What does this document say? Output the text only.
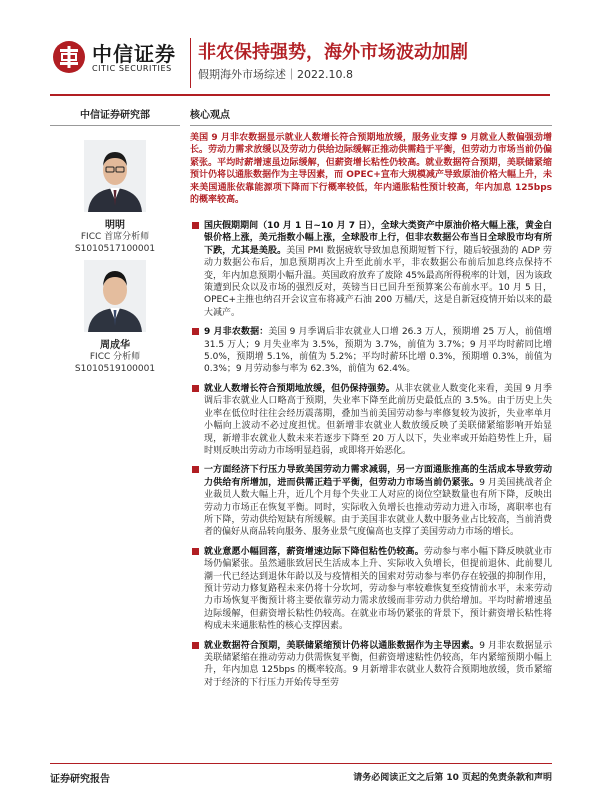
中信证券
CITIC SECURITIES
非农保持强势，海外市场波动加剧
假期海外市场综述｜2022.10.8
中信证券研究部
明明
FICC 首席分析师
S1010517100001
周成华
FICC 分析师
S1010519100001
核心观点
美国 9 月非农数据显示就业人数增长符合预期地放缓，服务业支撑 9 月就业人数偏强劲增长。劳动力需求放缓以及劳动力供给边际缓解正推动供需趋于平衡，但劳动力市场当前仍偏紧张。平均时薪增速虽边际缓解，但薪资增长粘性仍较高。就业数据符合预期，美联储紧缩预计仍将以通胀数据作为主导因素，而 OPEC+宣布大规模减产导致原油价格大幅上升，未来美国通胀依靠能源项下降而下行概率较低，年内通胀粘性预计较高，年内加息 125bps 的概率较高。
国庆假期期间（10 月 1 日~10 月 7 日），全球大类资产中原油价格大幅上涨，黄金白银价格上涨，美元指数小幅上涨，全球股市上行，但非农数据公布当日全球股市均有所下跌，尤其是美股。美国 PMI 数据疲软导致加息预期短暂下行，随后较强劲的 ADP 劳动力数据公布后，加息预期再次上升至此前水平，非农数据公布前后加息终点保持不变，年内加息预期小幅升温。英国政府放弃了废除 45%最高所得税率的计划，因为该政策遭到民众以及市场的强烈反对，英镑当日已回升至预算案公布前水平。10 月 5 日，OPEC+主推也纳召开会议宣布将减产石油 200 万桶/天，这是自新冠疫情开始以来的最大减产。
9 月非农数据：美国 9 月季调后非农就业人口增 26.3 万人，预期增 25 万人，前值增 31.5 万人；9 月失业率为 3.5%，预期为 3.7%，前值为 3.7%；9 月平均时薪同比增 5.0%，预期增 5.1%，前值为 5.2%；平均时薪环比增 0.3%，预期增 0.3%，前值为 0.3%；9 月劳动参与率为 62.3%，前值为 62.4%。
就业人数增长符合预期地放缓，但仍保持强势。从非农就业人数变化来看，美国 9 月季调后非农就业人口略高于预期，失业率下降至此前历史最低点的 3.5%。由于历史上失业率在低位时往往会经历震荡期，叠加当前美国劳动参与率修复较为波折，失业率单月小幅向上波动不必过度担忧。但新增非农就业人数放缓反映了美联储紧缩影响开始显现，新增非农就业人数未来若逐步下降至 20 万人以下，失业率或开始趋势性上升，届时则反映出劳动力市场明显趋弱，或即将开始恶化。
一方面经济下行压力导致美国劳动力需求减弱，另一方面通胀推高的生活成本导致劳动力供给有所增加，进而供需正趋于平衡，但劳动力市场当前仍紧张。9 月美国挑战者企业裁员人数大幅上升，近几个月每个失业工人对应的岗位空缺数量也有所下降，反映出劳动力市场正在恢复平衡。同时，实际收入负增长也推动劳动力进入市场，离职率也有所下降，劳动供给短缺有所缓解。由于美国非农就业人数中服务业占比较高，当前消费者的偏好从商品转向服务、服务业景气度偏高也支撑了美国劳动力市场的增长。
就业意愿小幅回落，薪资增速边际下降但粘性仍较高。劳动参与率小幅下降反映就业市场仍偏紧张。虽然通胀致居民生活成本上升、实际收入负增长，但提前退休、此前婴儿潮一代已经达到退休年龄以及与疫情相关的国索对劳动参与率仍存在较强的抑制作用，预计劳动力修复路程未来仍将十分坎坷，劳动参与率较难恢复至疫情前水平，未来劳动力市场恢复平衡预计将主要依靠劳动力需求放缓而非劳动力供给增加。平均时薪增速虽边际缓解，但薪资增长粘性仍较高。在就业市场仍紧张的背景下，预计薪资增长粘性将构成未来通胀粘性的核心支撑因素。
就业数据符合预期，美联储紧缩预计仍将以通胀数据作为主导因素。9 月非农数据显示美联储紧缩在推动劳动力供需恢复平衡，但薪资增速粘性仍较高，年内紧缩预期小幅上升，年内加息 125bps 的概率较高。9 月新增非农就业人数符合预期地放缓，货币紧缩对于经济的下行压力开始传导至劳
证券研究报告	请务必阅读正文之后第 10 页起的免责条款和声明
